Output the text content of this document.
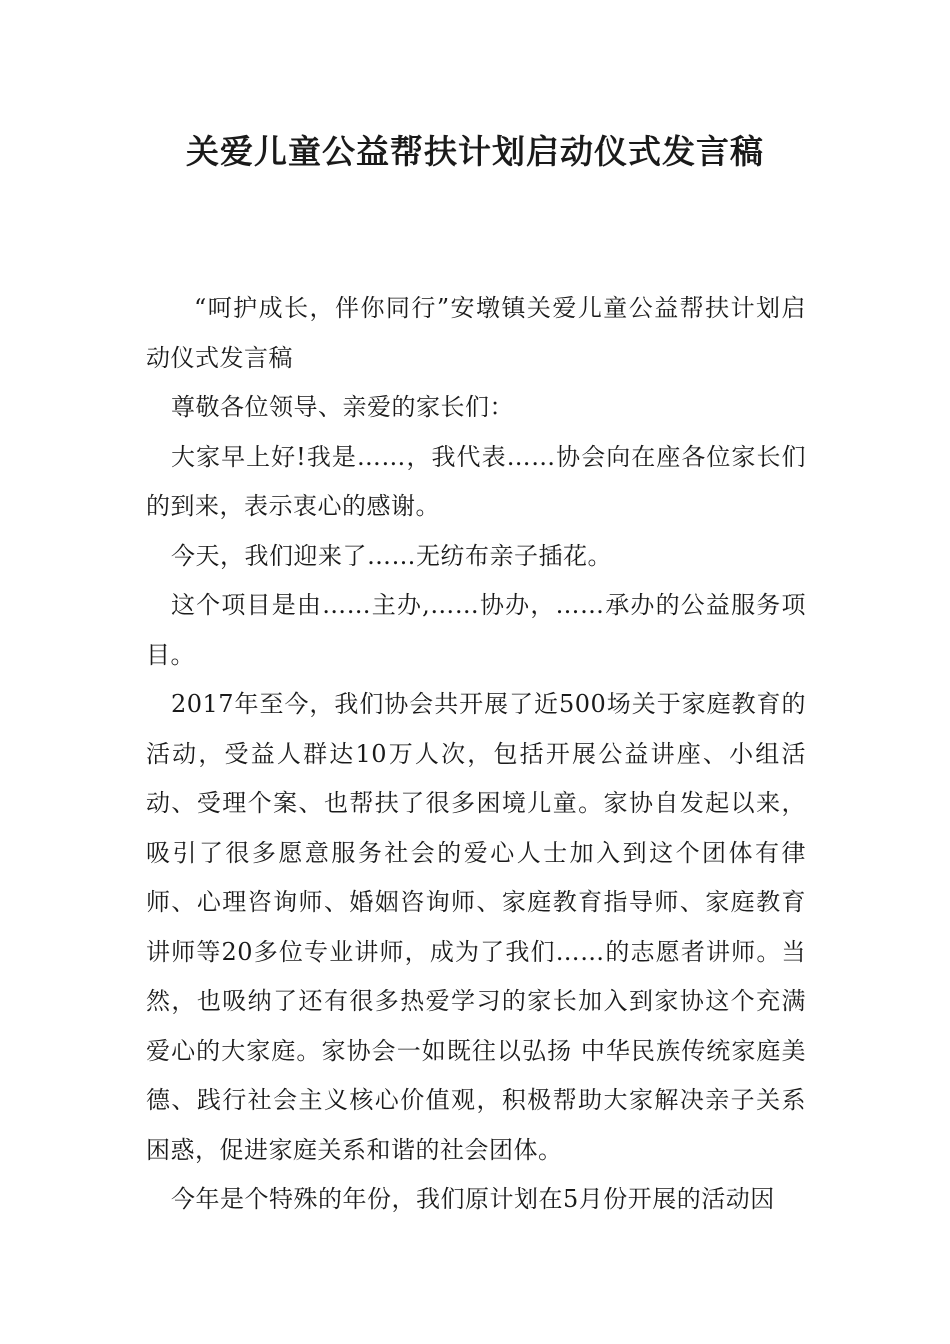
关爱儿童公益帮扶计划启动仪式发言稿

“呵护成长，伴你同行”安墩镇关爱儿童公益帮扶计划启动仪式发言稿

尊敬各位领导、亲爱的家长们：

大家早上好!我是……，我代表……协会向在座各位家长们的到来，表示衷心的感谢。

今天，我们迎来了……无纺布亲子插花。

这个项目是由……主办,……协办，……承办的公益服务项目。

2017年至今，我们协会共开展了近500场关于家庭教育的活动，受益人群达10万人次，包括开展公益讲座、小组活动、受理个案、也帮扶了很多困境儿童。家协自发起以来，吸引了很多愿意服务社会的爱心人士加入到这个团体有律师、心理咨询师、婚姻咨询师、家庭教育指导师、家庭教育讲师等20多位专业讲师，成为了我们……的志愿者讲师。当然，也吸纳了还有很多热爱学习的家长加入到家协这个充满爱心的大家庭。家协会一如既往以弘扬 中华民族传统家庭美德、践行社会主义核心价值观，积极帮助大家解决亲子关系困惑，促进家庭关系和谐的社会团体。

今年是个特殊的年份，我们原计划在5月份开展的活动因
